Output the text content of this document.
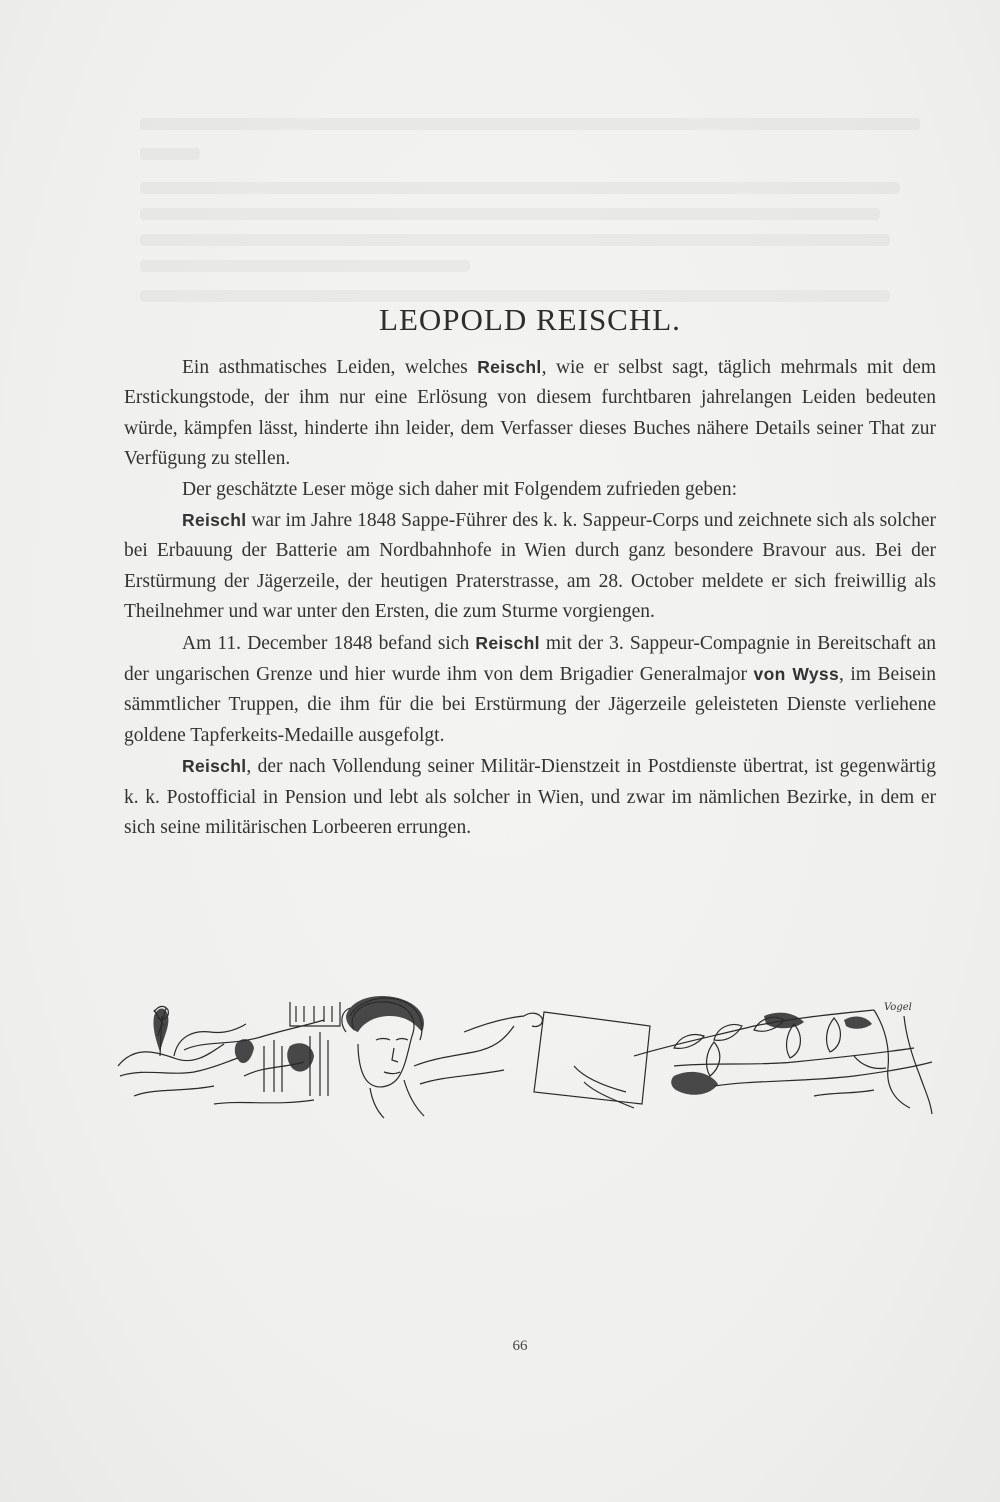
LEOPOLD REISCHL.

Ein asthmatisches Leiden, welches Reischl, wie er selbst sagt, täglich mehrmals mit dem Erstickungstode, der ihm nur eine Erlösung von diesem furchtbaren jahrelangen Leiden bedeuten würde, kämpfen lässt, hinderte ihn leider, dem Verfasser dieses Buches nähere Details seiner That zur Verfügung zu stellen.

Der geschätzte Leser möge sich daher mit Folgendem zufrieden geben:

Reischl war im Jahre 1848 Sappe-Führer des k. k. Sappeur-Corps und zeichnete sich als solcher bei Erbauung der Batterie am Nordbahnhofe in Wien durch ganz besondere Bravour aus. Bei der Erstürmung der Jägerzeile, der heutigen Praterstrasse, am 28. October meldete er sich freiwillig als Theilnehmer und war unter den Ersten, die zum Sturme vorgiengen.

Am 11. December 1848 befand sich Reischl mit der 3. Sappeur-Compagnie in Bereitschaft an der ungarischen Grenze und hier wurde ihm von dem Brigadier Generalmajor von Wyss, im Beisein sämmtlicher Truppen, die ihm für die bei Erstürmung der Jägerzeile geleisteten Dienste verliehene goldene Tapferkeits-Medaille ausgefolgt.

Reischl, der nach Vollendung seiner Militär-Dienstzeit in Postdienste übertrat, ist gegenwärtig k. k. Postofficial in Pension und lebt als solcher in Wien, und zwar im nämlichen Bezirke, in dem er sich seine militärischen Lorbeeren errungen.

Vogel
66
